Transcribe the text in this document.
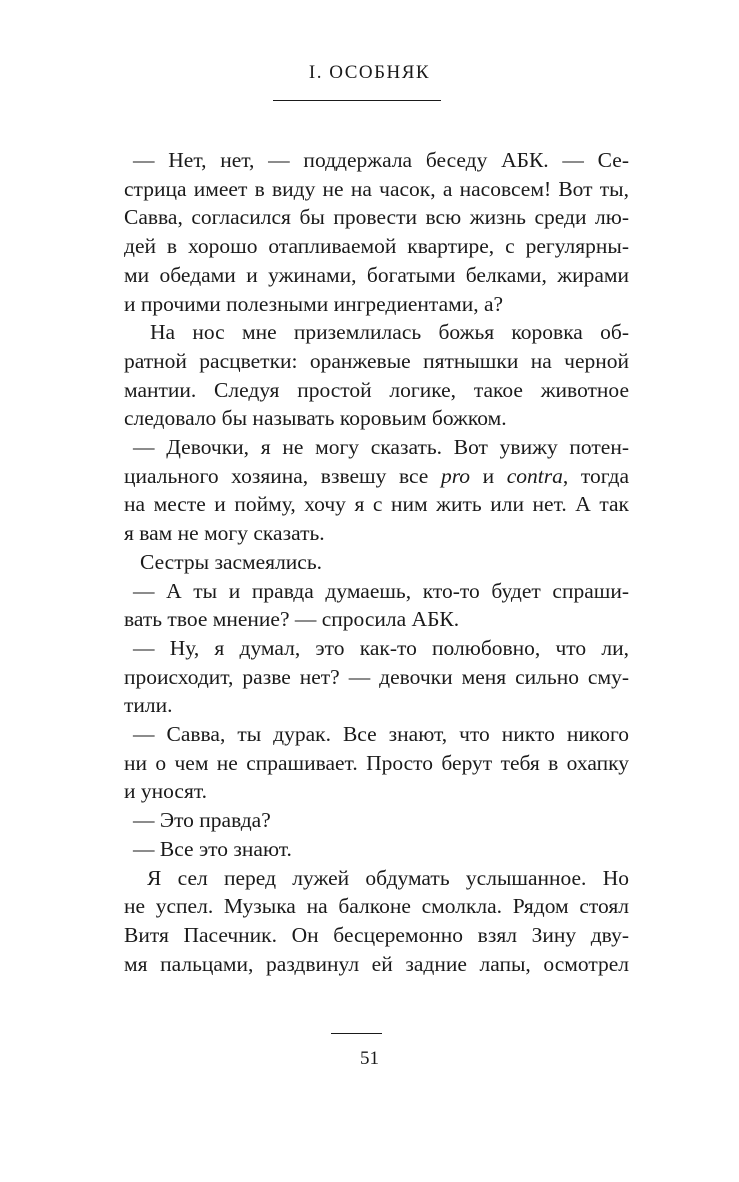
I. ОСОБНЯК
— Нет, нет, — поддержала беседу АБК. — Се-
стрица имеет в виду не на часок, а насовсем! Вот ты,
Савва, согласился бы провести всю жизнь среди лю-
дей в хорошо отапливаемой квартире, с регулярны-
ми обедами и ужинами, богатыми белками, жирами
и прочими полезными ингредиентами, а?
На нос мне приземлилась божья коровка об-
ратной расцветки: оранжевые пятнышки на черной
мантии. Следуя простой логике, такое животное
следовало бы называть коровьим божком.
— Девочки, я не могу сказать. Вот увижу потен-
циального хозяина, взвешу все pro и contra, тогда
на месте и пойму, хочу я с ним жить или нет. А так
я вам не могу сказать.
Сестры засмеялись.
— А ты и правда думаешь, кто-то будет спраши-
вать твое мнение? — спросила АБК.
— Ну, я думал, это как-то полюбовно, что ли,
происходит, разве нет? — девочки меня сильно сму-
тили.
— Савва, ты дурак. Все знают, что никто никого
ни о чем не спрашивает. Просто берут тебя в охапку
и уносят.
— Это правда?
— Все это знают.
Я сел перед лужей обдумать услышанное. Но
не успел. Музыка на балконе смолкла. Рядом стоял
Витя Пасечник. Он бесцеремонно взял Зину дву-
мя пальцами, раздвинул ей задние лапы, осмотрел
51
